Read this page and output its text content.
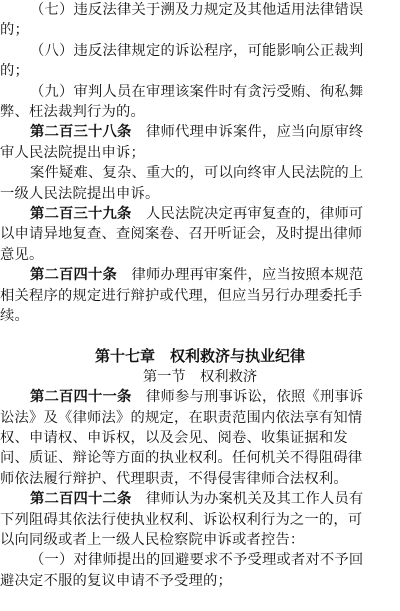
（七）违反法律关于溯及力规定及其他适用法律错误
的；
（八）违反法律规定的诉讼程序，可能影响公正裁判
的；
（九）审判人员在审理该案件时有贪污受贿、徇私舞
弊、枉法裁判行为的。
第二百三十八条　律师代理申诉案件，应当向原审终
审人民法院提出申诉；
案件疑难、复杂、重大的，可以向终审人民法院的上
一级人民法院提出申诉。
第二百三十九条　人民法院决定再审复查的，律师可
以申请异地复查、查阅案卷、召开听证会，及时提出律师
意见。
第二百四十条　律师办理再审案件，应当按照本规范
相关程序的规定进行辩护或代理，但应当另行办理委托手
续。
第十七章　权利救济与执业纪律
第一节　权利救济
第二百四十一条　律师参与刑事诉讼，依照《刑事诉
讼法》及《律师法》的规定，在职责范围内依法享有知情
权、申请权、申诉权，以及会见、阅卷、收集证据和发
问、质证、辩论等方面的执业权利。任何机关不得阻碍律
师依法履行辩护、代理职责，不得侵害律师合法权利。
第二百四十二条　律师认为办案机关及其工作人员有
下列阻碍其依法行使执业权利、诉讼权利行为之一的，可
以向同级或者上一级人民检察院申诉或者控告：
（一）对律师提出的回避要求不予受理或者对不予回
避决定不服的复议申请不予受理的；
